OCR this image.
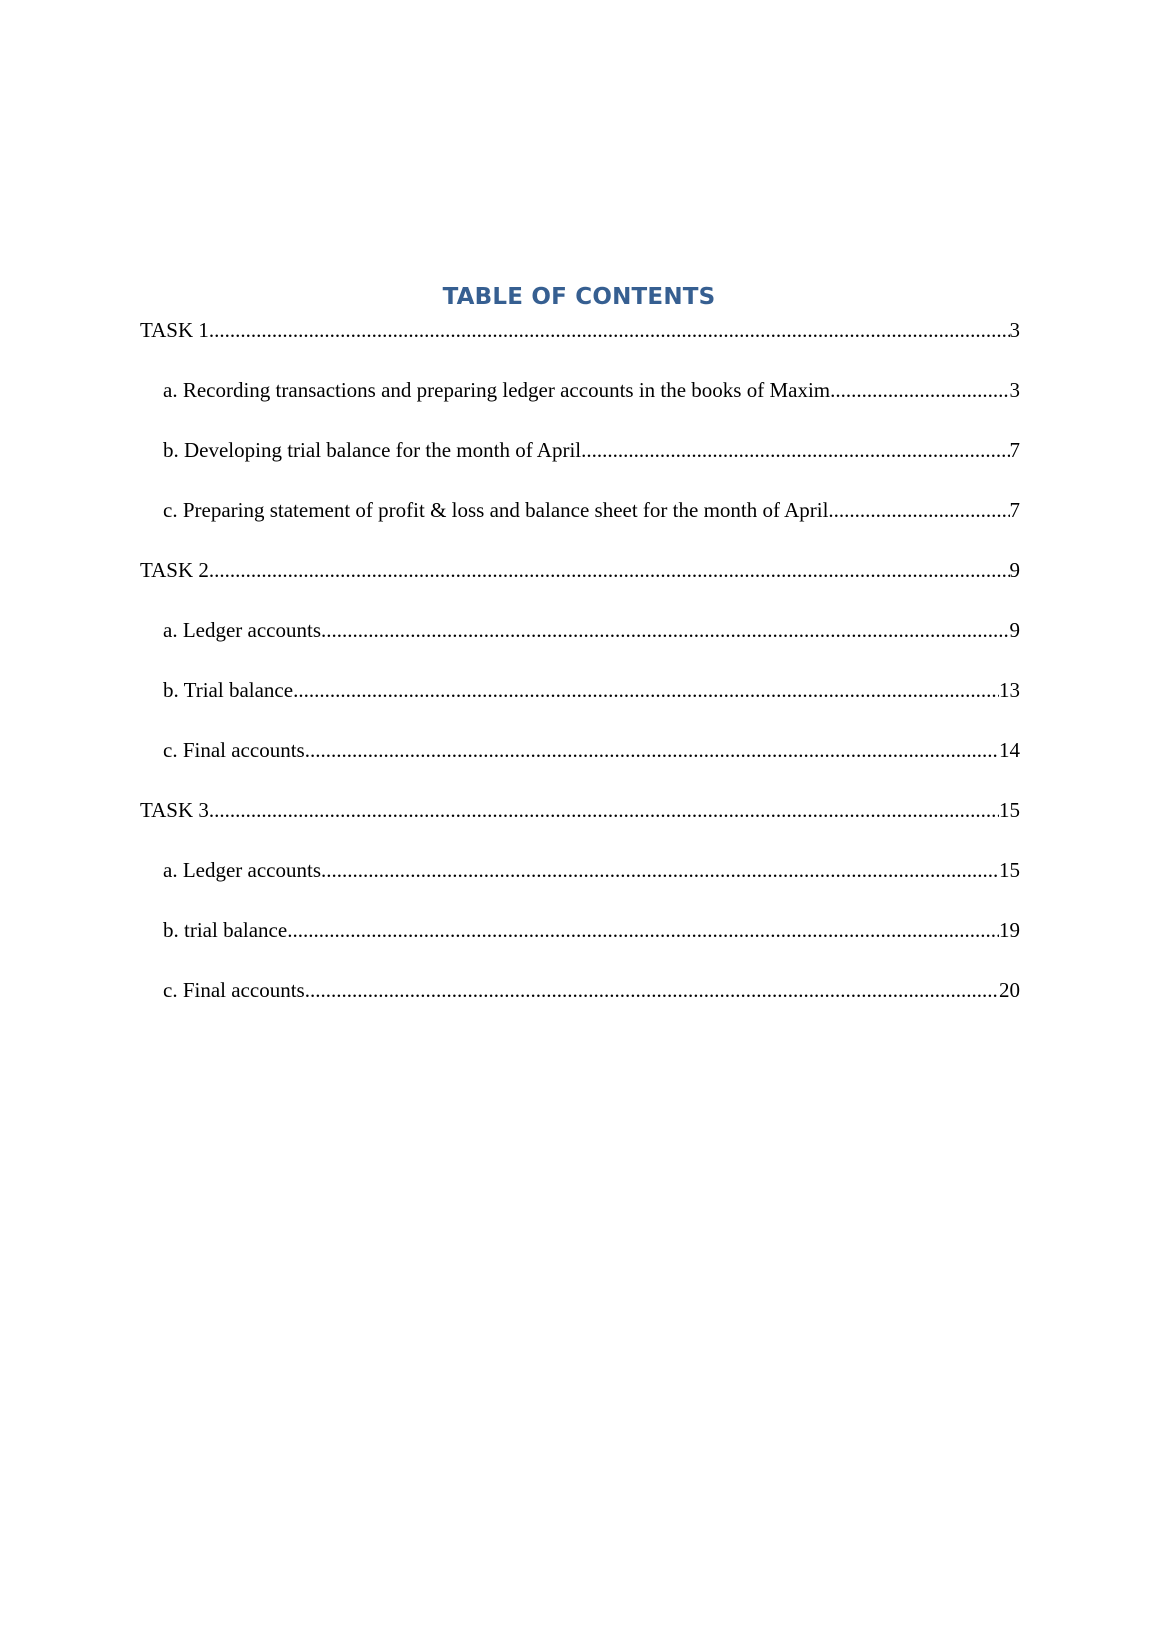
TABLE OF CONTENTS
TASK 1 .....	3
a. Recording transactions and preparing ledger accounts in the books of Maxim .....	3
b. Developing trial balance for the month of April .....	7
c. Preparing statement of profit & loss and balance sheet for the month of April .....	7
TASK 2 .....	9
a. Ledger accounts .....	9
b. Trial balance .....	13
c. Final accounts .....	14
TASK 3 .....	15
a. Ledger accounts .....	15
b. trial balance .....	19
c. Final accounts .....	20
